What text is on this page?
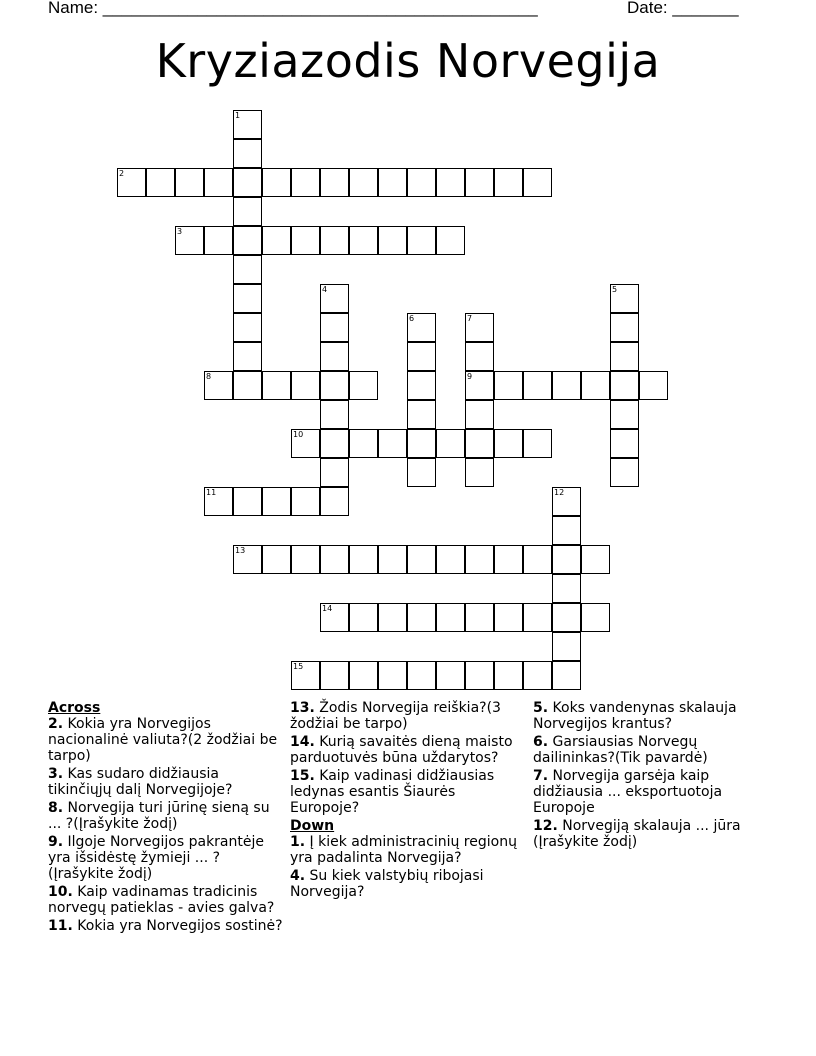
Name: ______________________________________________	Date: _______
Kryziazodis Norvegija
1
2
3
4	5
6	7
9
8
10
11	12
13
14
15
Across
2. Kokia yra Norvegijos nacionalinė valiuta?(2 žodžiai be tarpo)
3. Kas sudaro didžiausia tikinčiųjų dalį Norvegijoje?
8. Norvegija turi jūrinę sieną su ... ?(Įrašykite žodį)
9. Ilgoje Norvegijos pakrantėje yra išsidėstę žymieji ... ? (Įrašykite žodį)
10. Kaip vadinamas tradicinis norvegų patieklas - avies galva?
11. Kokia yra Norvegijos sostinė?
13. Žodis Norvegija reiškia?(3 žodžiai be tarpo)
14. Kurią savaitės dieną maisto parduotuvės būna uždarytos?
15. Kaip vadinasi didžiausias ledynas esantis Šiaurės Europoje?
Down
1. Į kiek administracinių regionų yra padalinta Norvegija?
4. Su kiek valstybių ribojasi Norvegija?
5. Koks vandenynas skalauja Norvegijos krantus?
6. Garsiausias Norvegų dailininkas?(Tik pavardė)
7. Norvegija garsėja kaip didžiausia ... eksportuotoja Europoje
12. Norvegiją skalauja ... jūra (Įrašykite žodį)
